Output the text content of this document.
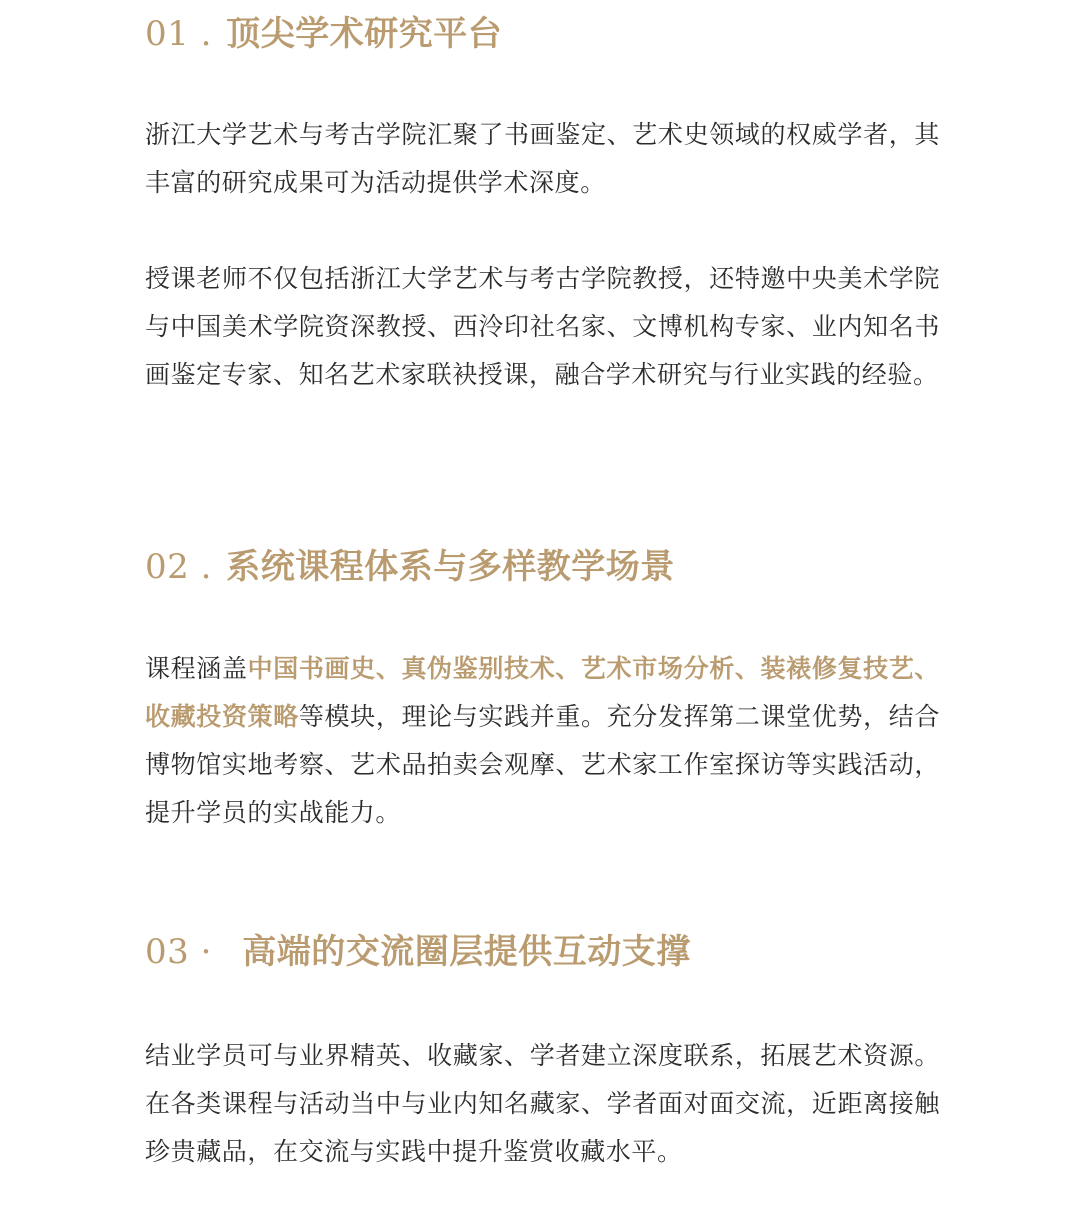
01 . 顶尖学术研究平台

浙江大学艺术与考古学院汇聚了书画鉴定、艺术史领域的权威学者，其丰富的研究成果可为活动提供学术深度。

授课老师不仅包括浙江大学艺术与考古学院教授，还特邀中央美术学院与中国美术学院资深教授、西泠印社名家、文博机构专家、业内知名书画鉴定专家、知名艺术家联袂授课，融合学术研究与行业实践的经验。

02 . 系统课程体系与多样教学场景

课程涵盖中国书画史、真伪鉴别技术、艺术市场分析、装裱修复技艺、收藏投资策略等模块，理论与实践并重。充分发挥第二课堂优势，结合博物馆实地考察、艺术品拍卖会观摩、艺术家工作室探访等实践活动，提升学员的实战能力。

03 · 高端的交流圈层提供互动支撑

结业学员可与业界精英、收藏家、学者建立深度联系，拓展艺术资源。在各类课程与活动当中与业内知名藏家、学者面对面交流，近距离接触珍贵藏品，在交流与实践中提升鉴赏收藏水平。
